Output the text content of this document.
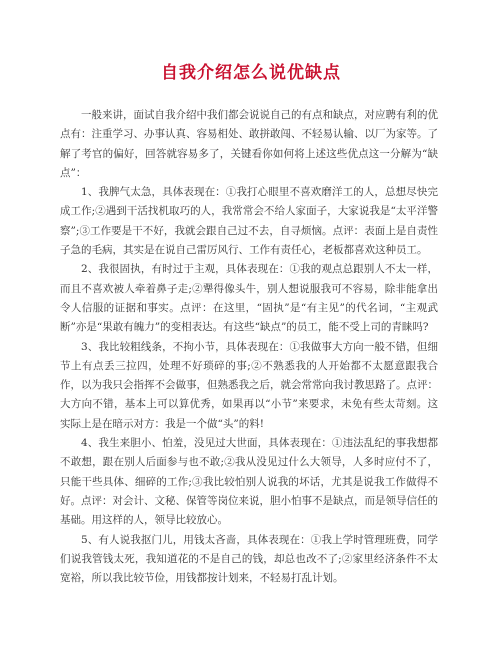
自我介绍怎么说优缺点

一般来讲，面试自我介绍中我们都会说说自己的有点和缺点，对应聘有利的优点有：注重学习、办事认真、容易相处、敢拼敢闯、不轻易认输、以厂为家等。了解了考官的偏好，回答就容易多了，关键看你如何将上述这些优点这一分解为“缺点”：

1、我脾气太急，具体表现在：①我打心眼里不喜欢磨洋工的人，总想尽快完成工作;②遇到干活找机取巧的人，我常常会不给人家面子，大家说我是“太平洋警察”;③工作要是干不好，我就会跟自己过不去，自寻烦恼。点评：表面上是自责性子急的毛病，其实是在说自己雷厉风行、工作有责任心，老板都喜欢这种员工。

2、我很固执，有时过于主观，具体表现在：①我的观点总跟别人不太一样，而且不喜欢被人牵着鼻子走;②犟得像头牛，别人想说服我可不容易，除非能拿出令人信服的证据和事实。点评：在这里，“固执”是“有主见”的代名词，“主观武断”亦是“果敢有魄力”的变相表达。有这些“缺点”的员工，能不受上司的青睐吗?

3、我比较粗线条，不拘小节，具体表现在：①我做事大方向一般不错，但细节上有点丢三拉四，处理不好琐碎的事;②不熟悉我的人开始都不太愿意跟我合作，以为我只会指挥不会做事，但熟悉我之后，就会常常向我讨教思路了。点评：大方向不错，基本上可以算优秀，如果再以“小节”来要求，未免有些太苛刻。这实际上是在暗示对方：我是一个做“头”的料!

4、我生来胆小、怕羞，没见过大世面，具体表现在：①违法乱纪的事我想都不敢想，跟在别人后面参与也不敢;②我从没见过什么大领导，人多时应付不了，只能干些具体、细碎的工作;③我比较怕别人说我的坏话，尤其是说我工作做得不好。点评：对会计、文秘、保管等岗位来说，胆小怕事不是缺点，而是领导信任的基础。用这样的人，领导比较放心。

5、有人说我抠门儿，用钱太吝啬，具体表现在：①我上学时管理班费，同学们说我管钱太死，我知道花的不是自己的钱，却总也改不了;②家里经济条件不太宽裕，所以我比较节俭，用钱都按计划来，不轻易打乱计划。
